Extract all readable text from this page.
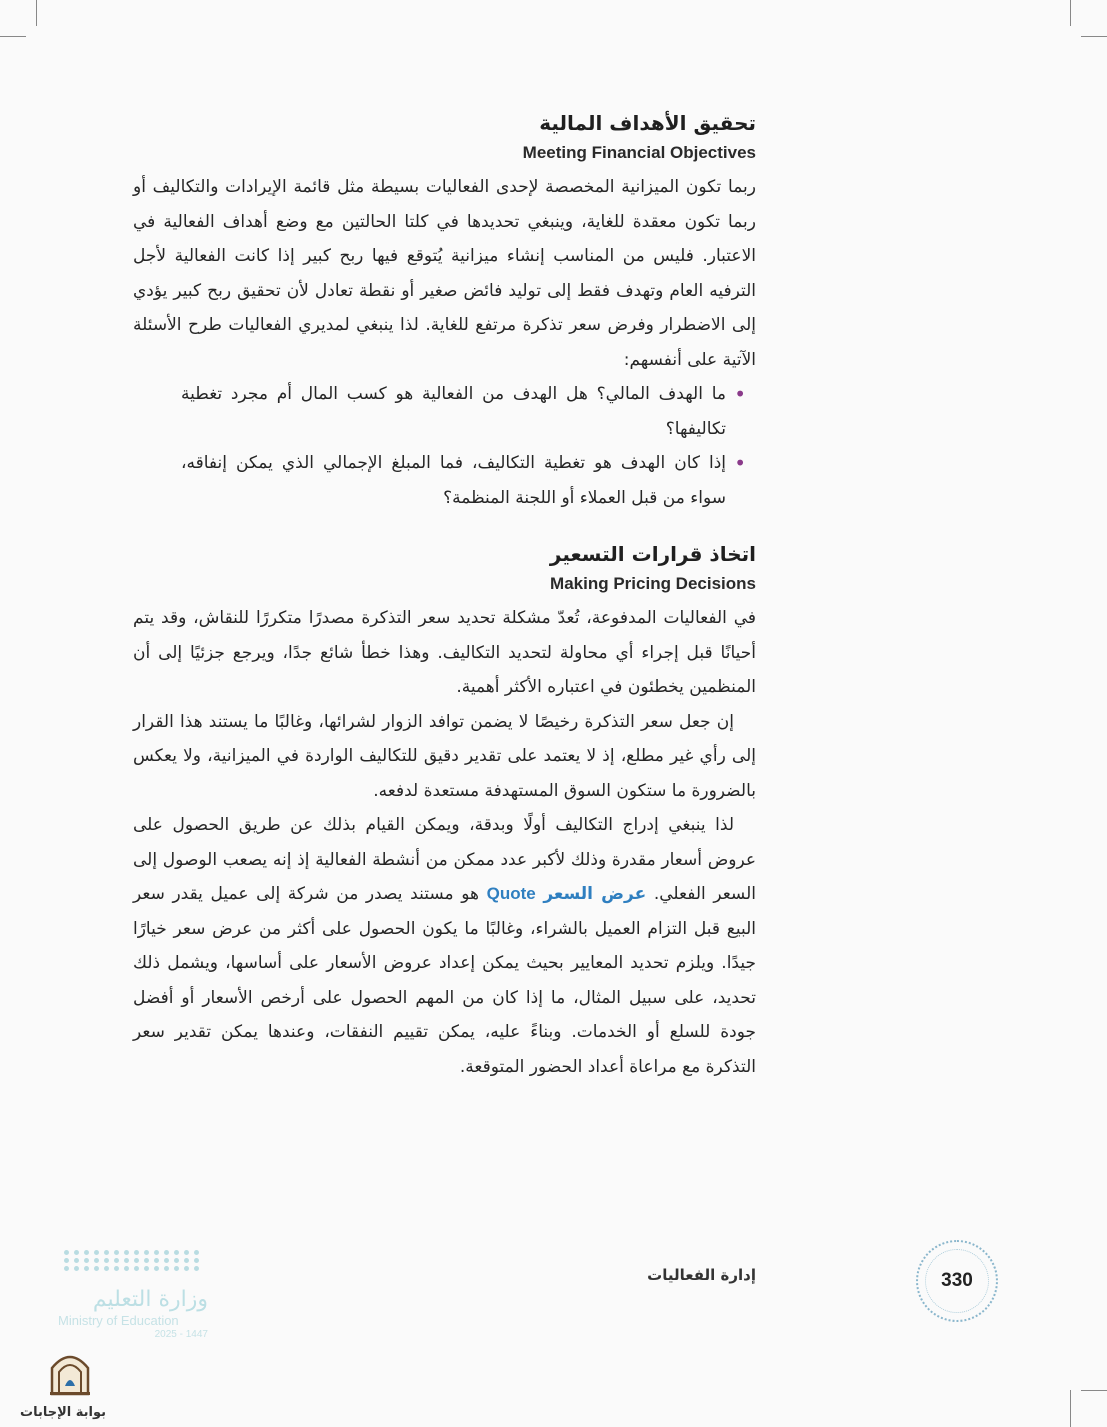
تحقيق الأهداف المالية
Meeting Financial Objectives

ربما تكون الميزانية المخصصة لإحدى الفعاليات بسيطة مثل قائمة الإيرادات والتكاليف أو ربما تكون معقدة للغاية، وينبغي تحديدها في كلتا الحالتين مع وضع أهداف الفعالية في الاعتبار. فليس من المناسب إنشاء ميزانية يُتوقع فيها ربح كبير إذا كانت الفعالية لأجل الترفيه العام وتهدف فقط إلى توليد فائض صغير أو نقطة تعادل لأن تحقيق ربح كبير يؤدي إلى الاضطرار وفرض سعر تذكرة مرتفع للغاية. لذا ينبغي لمديري الفعاليات طرح الأسئلة الآتية على أنفسهم:

•
ما الهدف المالي؟ هل الهدف من الفعالية هو كسب المال أم مجرد تغطية تكاليفها؟
•
إذا كان الهدف هو تغطية التكاليف، فما المبلغ الإجمالي الذي يمكن إنفاقه، سواء من قبل العملاء أو اللجنة المنظمة؟
اتخاذ قرارات التسعير
Making Pricing Decisions

في الفعاليات المدفوعة، تُعدّ مشكلة تحديد سعر التذكرة مصدرًا متكررًا للنقاش، وقد يتم أحيانًا قبل إجراء أي محاولة لتحديد التكاليف. وهذا خطأ شائع جدًا، ويرجع جزئيًا إلى أن المنظمين يخطئون في اعتباره الأكثر أهمية.

إن جعل سعر التذكرة رخيصًا لا يضمن توافد الزوار لشرائها، وغالبًا ما يستند هذا القرار إلى رأي غير مطلع، إذ لا يعتمد على تقدير دقيق للتكاليف الواردة في الميزانية، ولا يعكس بالضرورة ما ستكون السوق المستهدفة مستعدة لدفعه.

لذا ينبغي إدراج التكاليف أولًا وبدقة، ويمكن القيام بذلك عن طريق الحصول على عروض أسعار مقدرة وذلك لأكبر عدد ممكن من أنشطة الفعالية إذ إنه يصعب الوصول إلى السعر الفعلي. عرض السعر Quote هو مستند يصدر من شركة إلى عميل يقدر سعر البيع قبل التزام العميل بالشراء، وغالبًا ما يكون الحصول على أكثر من عرض سعر خيارًا جيدًا. ويلزم تحديد المعايير بحيث يمكن إعداد عروض الأسعار على أساسها، ويشمل ذلك تحديد، على سبيل المثال، ما إذا كان من المهم الحصول على أرخص الأسعار أو أفضل جودة للسلع أو الخدمات. وبناءً عليه، يمكن تقييم النفقات، وعندها يمكن تقدير سعر التذكرة مع مراعاة أعداد الحضور المتوقعة.

إدارة الفعاليات	330
وزارة التعليم
Ministry of Education
2025 - 1447
بوابة الإجابات
